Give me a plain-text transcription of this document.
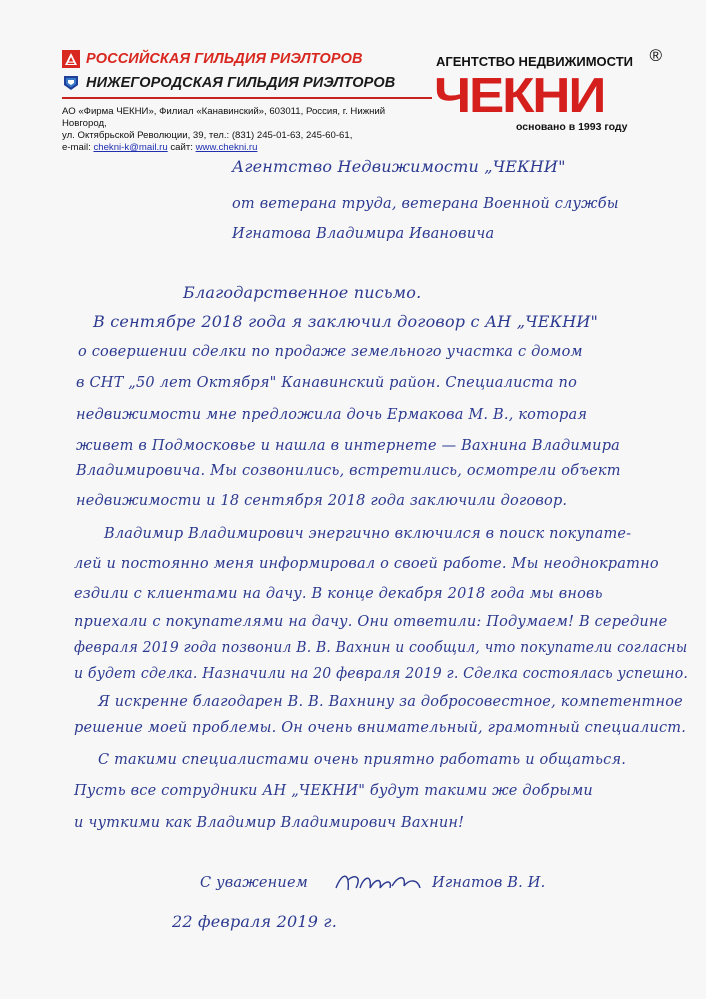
РОССИЙСКАЯ ГИЛЬДИЯ РИЭЛТОРОВ
НИЖЕГОРОДСКАЯ ГИЛЬДИЯ РИЭЛТОРОВ
АО «Фирма ЧЕКНИ», Филиал «Канавинский», 603011, Россия, г. Нижний Новгород,
ул. Октябрьской Революции, 39, тел.: (831) 245-01-63, 245-60-61,
e-mail: chekni-k@mail.ru сайт: www.chekni.ru
АГЕНТСТВО НЕДВИЖИМОСТИ ®
ЧЕКНИ
основано в 1993 году
Агентство Недвижимости „ЧЕКНИ"
от ветерана труда, ветерана Военной службы
Игнатова Владимира Ивановича
Благодарственное письмо.
В сентябре 2018 года я заключил договор с АН „ЧЕКНИ"
о совершении сделки по продаже земельного участка с домом
в СНТ „50 лет Октября" Канавинский район. Специалиста по
недвижимости мне предложила дочь Ермакова М. В., которая
живет в Подмосковье и нашла в интернете — Вахнина Владимира
Владимировича. Мы созвонились, встретились, осмотрели объект
недвижимости и 18 сентября 2018 года заключили договор.
Владимир Владимирович энергично включился в поиск покупате-
лей и постоянно меня информировал о своей работе. Мы неоднократно
ездили с клиентами на дачу. В конце декабря 2018 года мы вновь
приехали с покупателями на дачу. Они ответили: Подумаем! В середине
февраля 2019 года позвонил В. В. Вахнин и сообщил, что покупатели согласны
и будет сделка. Назначили на 20 февраля 2019 г. Сделка состоялась успешно.
Я искренне благодарен В. В. Вахнину за добросовестное, компетентное
решение моей проблемы. Он очень внимательный, грамотный специалист.
С такими специалистами очень приятно работать и общаться.
Пусть все сотрудники АН „ЧЕКНИ" будут такими же добрыми
и чуткими как Владимир Владимирович Вахнин!
С уважением	Игнатов В. И.
22 февраля 2019 г.
